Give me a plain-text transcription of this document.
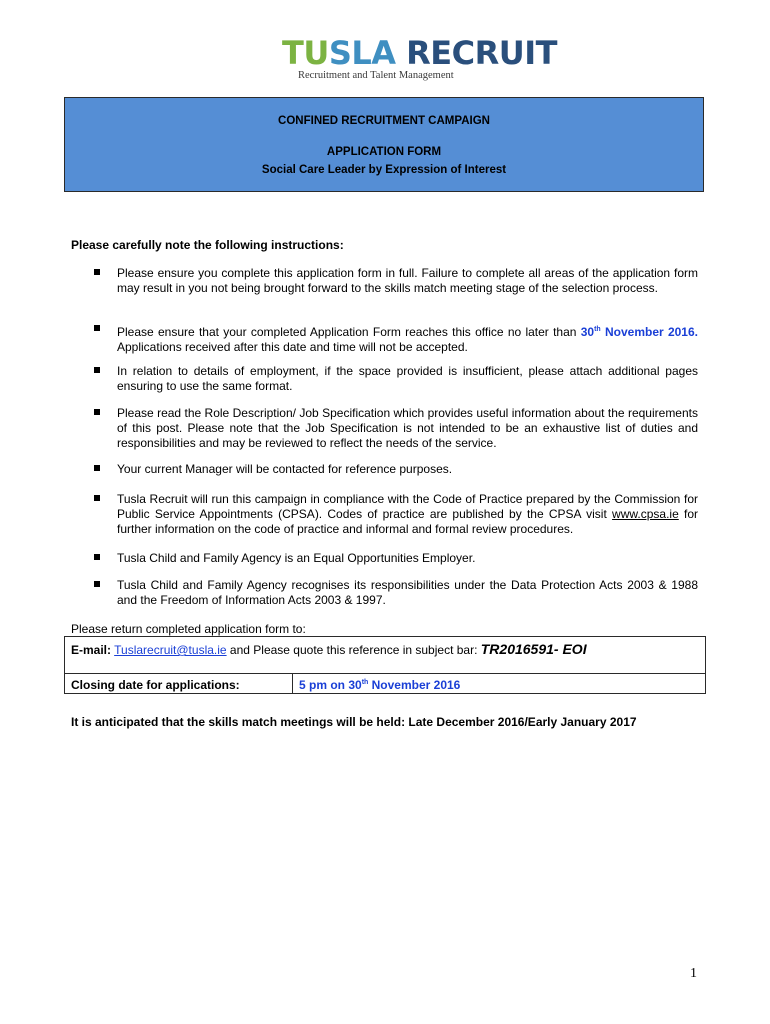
TUSLA RECRUIT
Recruitment and Talent Management
CONFINED RECRUITMENT CAMPAIGN
APPLICATION FORM
Social Care Leader by Expression of Interest
Please carefully note the following instructions:
Please ensure you complete this application form in full. Failure to complete all areas of the application form may result in you not being brought forward to the skills match meeting stage of the selection process.
Please ensure that your completed Application Form reaches this office no later than 30th November 2016. Applications received after this date and time will not be accepted.
In relation to details of employment, if the space provided is insufficient, please attach additional pages ensuring to use the same format.
Please read the Role Description/ Job Specification which provides useful information about the requirements of this post. Please note that the Job Specification is not intended to be an exhaustive list of duties and responsibilities and may be reviewed to reflect the needs of the service.
Your current Manager will be contacted for reference purposes.
Tusla Recruit will run this campaign in compliance with the Code of Practice prepared by the Commission for Public Service Appointments (CPSA). Codes of practice are published by the CPSA visit www.cpsa.ie for further information on the code of practice and informal and formal review procedures.
Tusla Child and Family Agency is an Equal Opportunities Employer.
Tusla Child and Family Agency recognises its responsibilities under the Data Protection Acts 2003 & 1988 and the Freedom of Information Acts 2003 & 1997.
Please return completed application form to:
E-mail: Tuslarecruit@tusla.ie and Please quote this reference in subject bar: TR2016591- EOI
Closing date for applications:	5 pm on 30th November 2016
It is anticipated that the skills match meetings will be held: Late December 2016/Early January 2017
1
